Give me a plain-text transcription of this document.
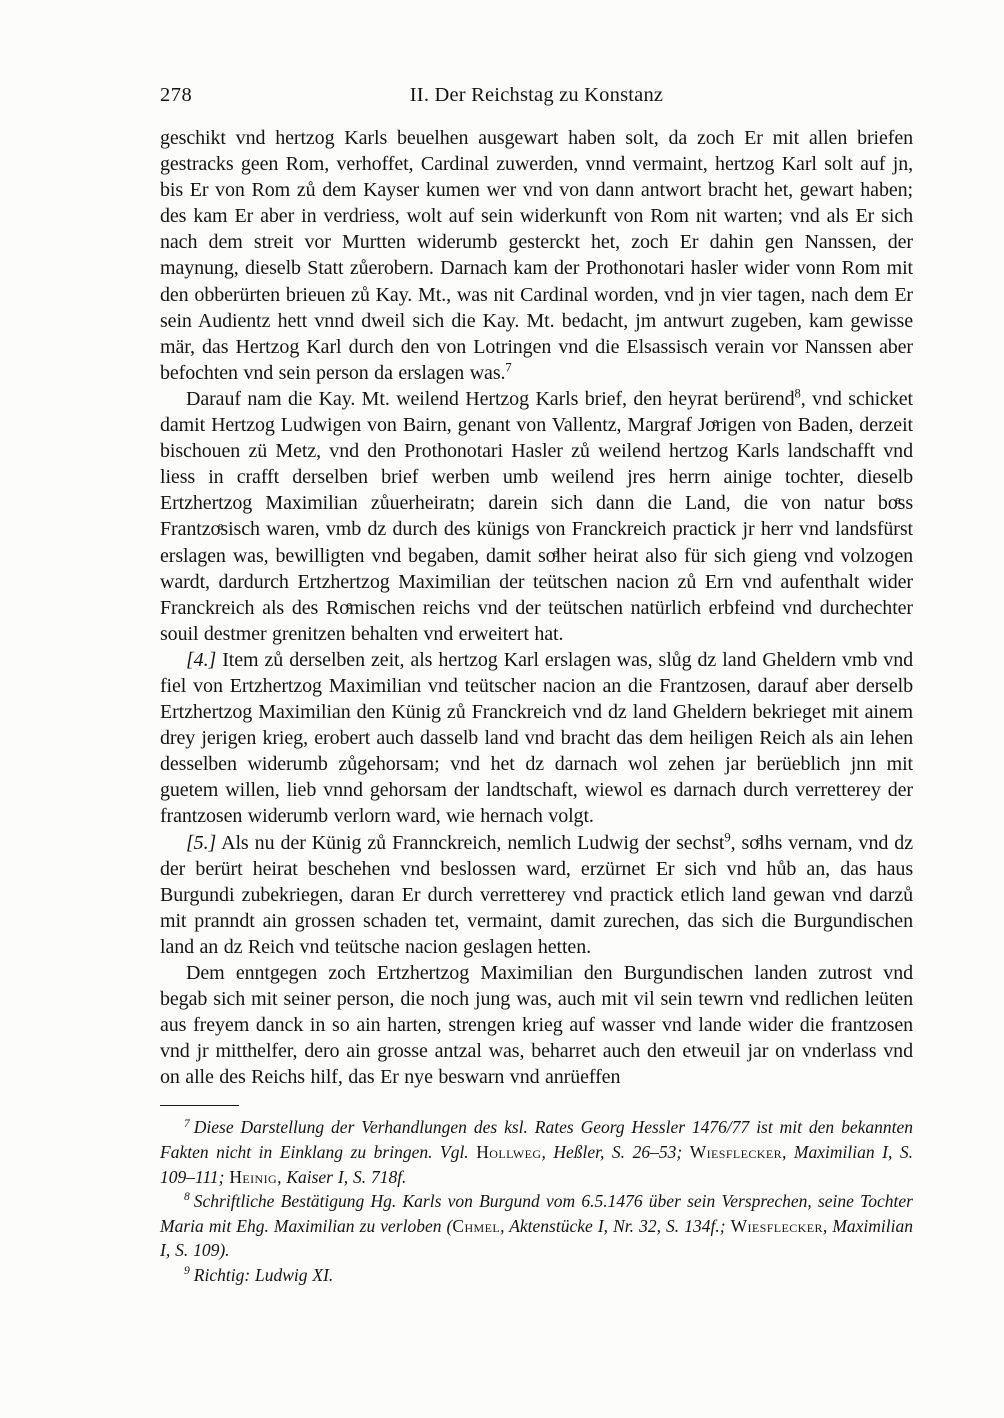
278	II. Der Reichstag zu Konstanz

geschikt vnd hertzog Karls beuelhen ausgewart haben solt, da zoch Er mit allen briefen gestracks geen Rom, verhoffet, Cardinal zuwerden, vnnd vermaint, hertzog Karl solt auf jn, bis Er von Rom zů dem Kayser kumen wer vnd von dann antwort bracht het, gewart haben; des kam Er aber in verdriess, wolt auf sein widerkunft von Rom nit warten; vnd als Er sich nach dem streit vor Murtten widerumb gesterckt het, zoch Er dahin gen Nanssen, der maynung, dieselb Statt zůerobern. Darnach kam der Prothonotari hasler wider vonn Rom mit den obberürten brieuen zů Kay. Mt., was nit Cardinal worden, vnd jn vier tagen, nach dem Er sein Audientz hett vnnd dweil sich die Kay. Mt. bedacht, jm antwurt zugeben, kam gewisse mär, das Hertzog Karl durch den von Lotringen vnd die Elsassisch verain vor Nanssen aber befochten vnd sein person da erslagen was.$^7$

Darauf nam die Kay. Mt. weilend Hertzog Karls brief, den heyrat berürend$^8$, vnd schicket damit Hertzog Ludwigen von Bairn, genant von Vallentz, Margraf Joͤrigen von Baden, derzeit bischouen zü Metz, vnd den Prothonotari Hasler zů weilend hertzog Karls landschafft vnd liess in crafft derselben brief werben umb weilend jres herrn ainige tochter, dieselb Ertzhertzog Maximilian zůuerheiratn; darein sich dann die Land, die von natur boͤss Frantzoͤsisch waren, vmb dz durch des künigs von Franckreich practick jr herr vnd landsfürst erslagen was, bewilligten vnd begaben, damit soͤlher heirat also für sich gieng vnd volzogen wardt, dardurch Ertzhertzog Maximilian der teütschen nacion zů Ern vnd aufenthalt wider Franckreich als des Roͤmischen reichs vnd der teütschen natürlich erbfeind vnd durchechter souil destmer grenitzen behalten vnd erweitert hat.

[4.] Item zů derselben zeit, als hertzog Karl erslagen was, slůg dz land Gheldern vmb vnd fiel von Ertzhertzog Maximilian vnd teütscher nacion an die Frantzosen, darauf aber derselb Ertzhertzog Maximilian den Künig zů Franckreich vnd dz land Gheldern bekrieget mit ainem drey jerigen krieg, erobert auch dasselb land vnd bracht das dem heiligen Reich als ain lehen desselben widerumb zůgehorsam; vnd het dz darnach wol zehen jar berüeblich jnn mit guetem willen, lieb vnnd gehorsam der landtschaft, wiewol es darnach durch verretterey der frantzosen widerumb verlorn ward, wie hernach volgt.

[5.] Als nu der Künig zů Frannckreich, nemlich Ludwig der sechst$^9$, soͤlhs vernam, vnd dz der berürt heirat beschehen vnd beslossen ward, erzürnet Er sich vnd hůb an, das haus Burgundi zubekriegen, daran Er durch verretterey vnd practick etlich land gewan vnd darzů mit pranndt ain grossen schaden tet, vermaint, damit zurechen, das sich die Burgundischen land an dz Reich vnd teütsche nacion geslagen hetten.

Dem enntgegen zoch Ertzhertzog Maximilian den Burgundischen landen zutrost vnd begab sich mit seiner person, die noch jung was, auch mit vil sein tewrn vnd redlichen leüten aus freyem danck in so ain harten, strengen krieg auf wasser vnd lande wider die frantzosen vnd jr mitthelfer, dero ain grosse antzal was, beharret auch den etweuil jar on vnderlass vnd on alle des Reichs hilf, das Er nye beswarn vnd anrüeffen

$^7$ Diese Darstellung der Verhandlungen des ksl. Rates Georg Hessler 1476/77 ist mit den bekannten Fakten nicht in Einklang zu bringen. Vgl. Hollweg, Heßler, S. 26–53; Wiesflecker, Maximilian I, S. 109–111; Heinig, Kaiser I, S. 718f.

$^8$ Schriftliche Bestätigung Hg. Karls von Burgund vom 6.5.1476 über sein Versprechen, seine Tochter Maria mit Ehg. Maximilian zu verloben (Chmel, Aktenstücke I, Nr. 32, S. 134f.; Wiesflecker, Maximilian I, S. 109).

$^9$ Richtig: Ludwig XI.
